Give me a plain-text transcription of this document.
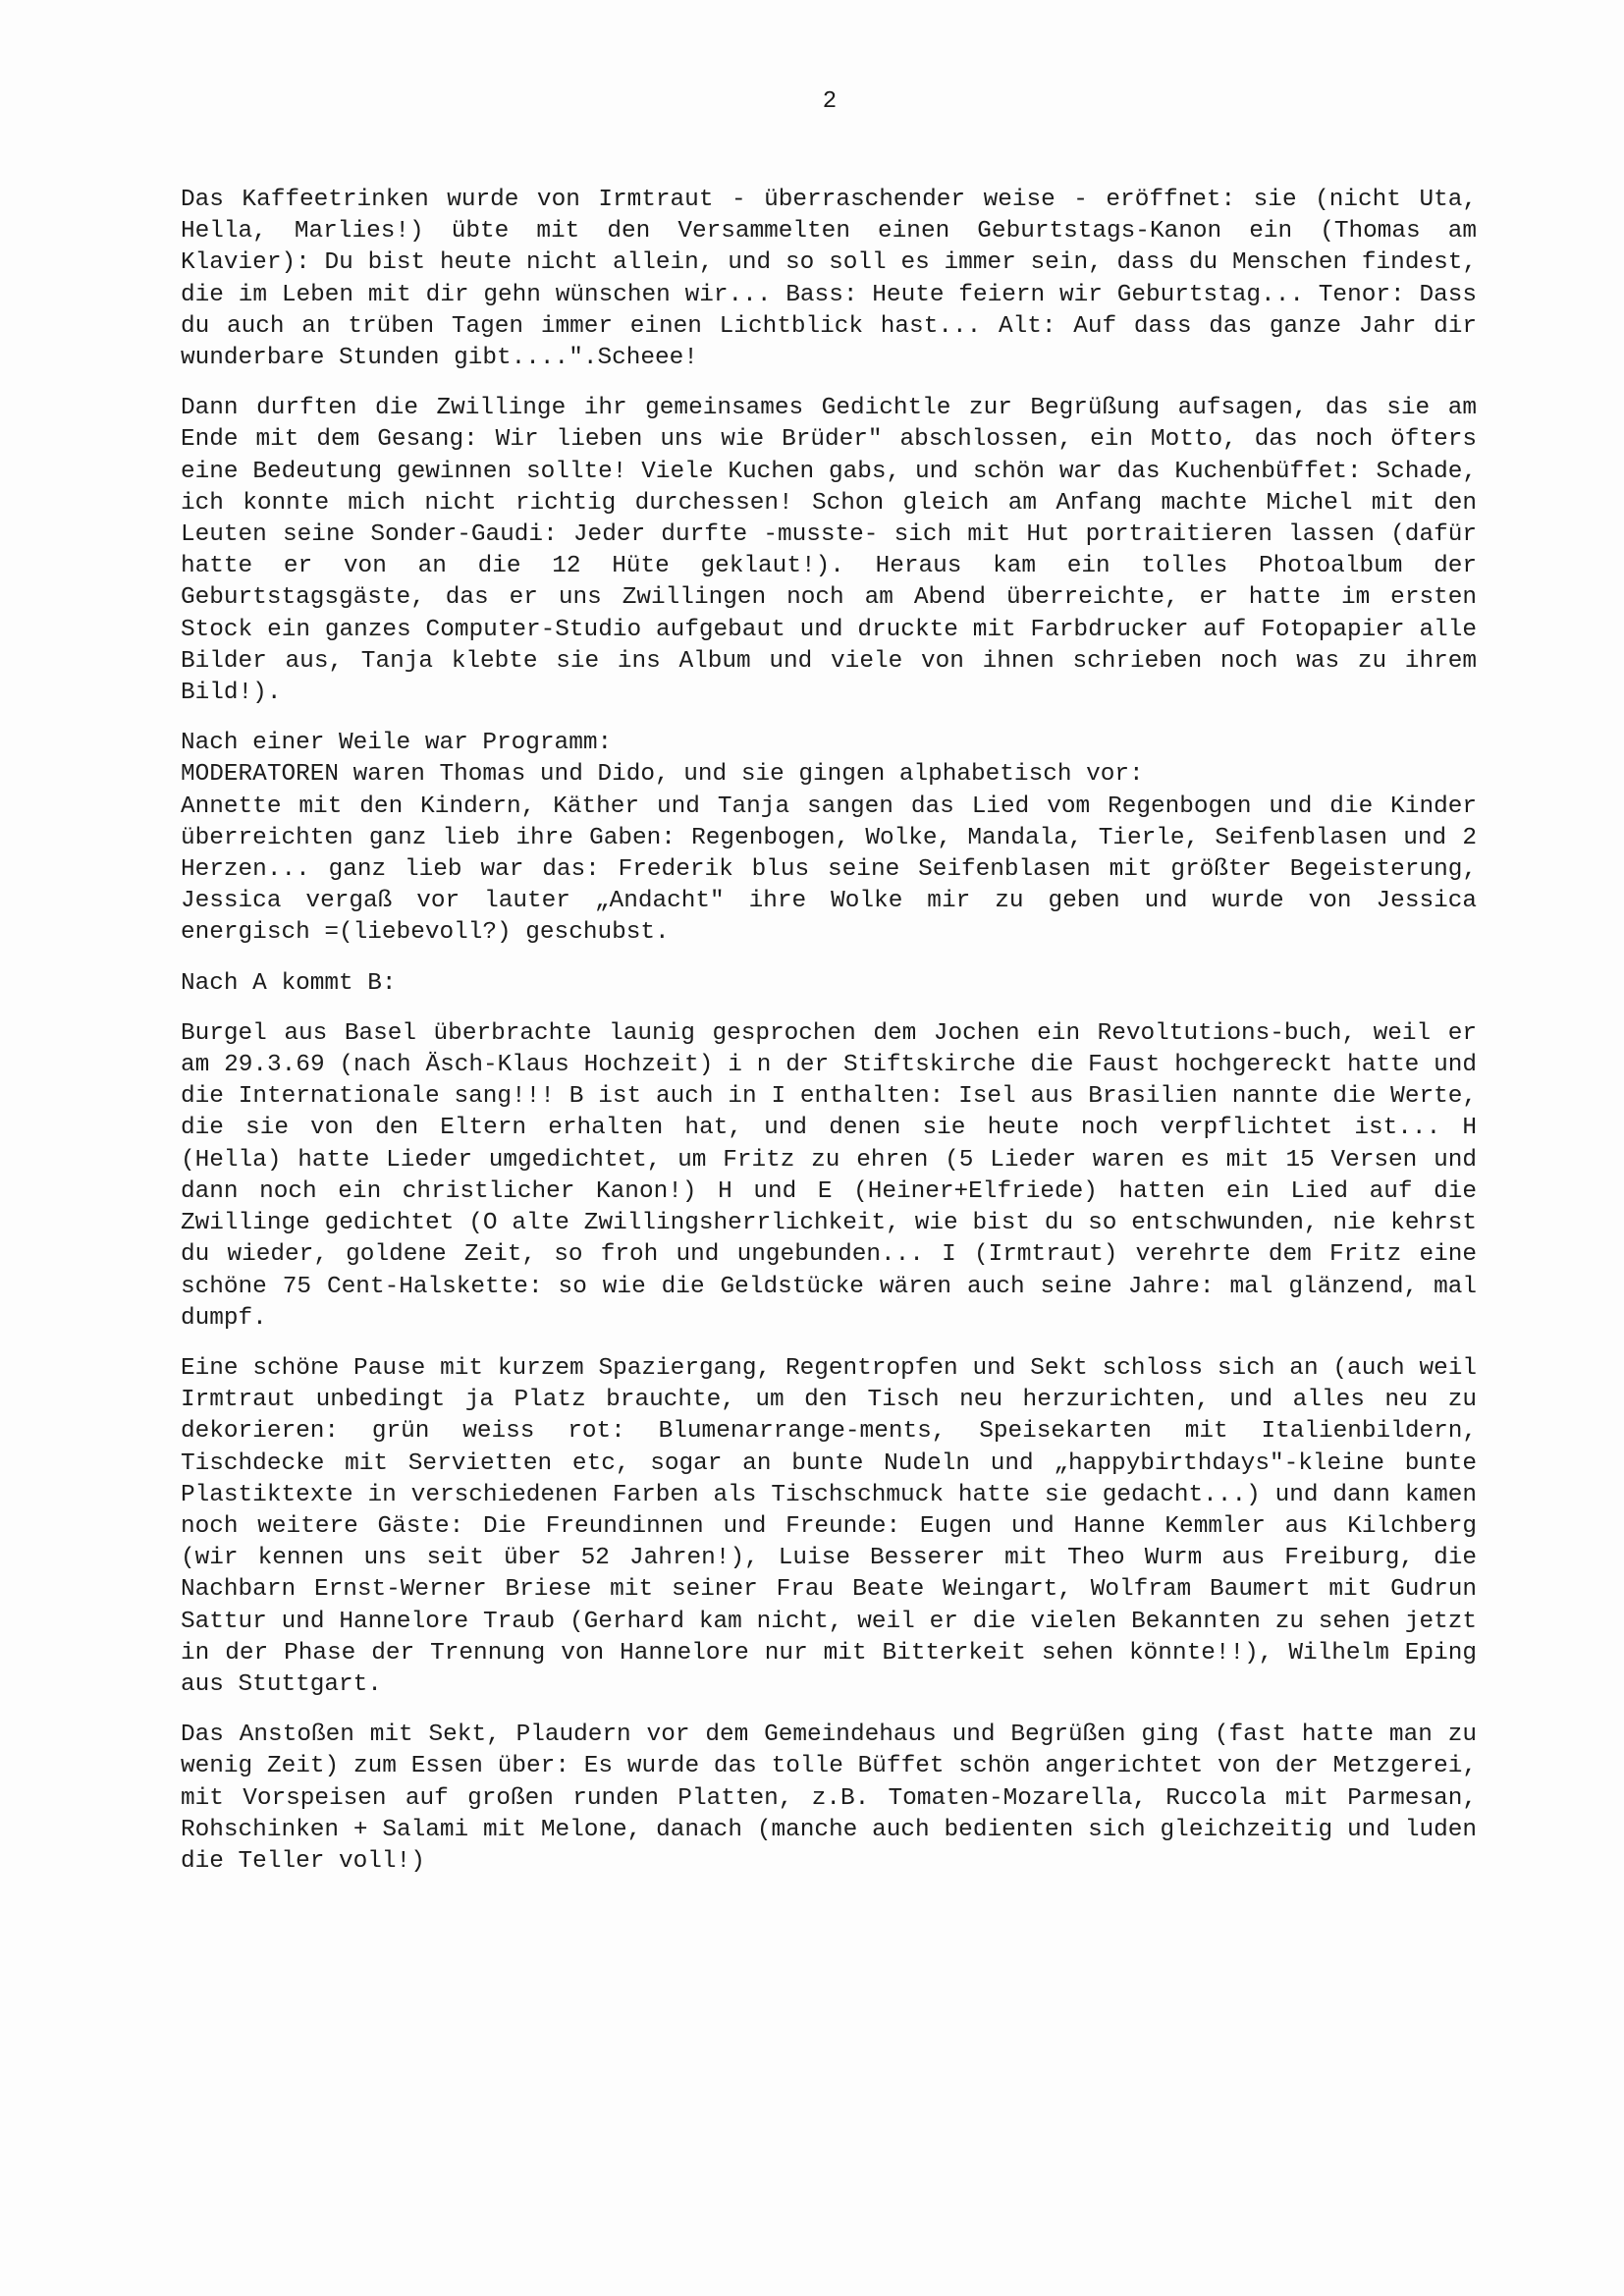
2

Das Kaffeetrinken wurde von Irmtraut - überraschender weise - eröffnet: sie (nicht Uta, Hella, Marlies!) übte mit den Versammelten einen Geburtstags-Kanon ein (Thomas am Klavier): Du bist heute nicht allein, und so soll es immer sein, dass du Menschen findest, die im Leben mit dir gehn wünschen wir... Bass: Heute feiern wir Geburtstag... Tenor: Dass du auch an trüben Tagen immer einen Lichtblick hast... Alt: Auf dass das ganze Jahr dir wunderbare Stunden gibt....".Scheee!

Dann durften die Zwillinge ihr gemeinsames Gedichtle zur Begrüßung aufsagen, das sie am Ende mit dem Gesang: Wir lieben uns wie Brüder" abschlossen, ein Motto, das noch öfters eine Bedeutung gewinnen sollte! Viele Kuchen gabs, und schön war das Kuchenbüffet: Schade, ich konnte mich nicht richtig durchessen! Schon gleich am Anfang machte Michel mit den Leuten seine Sonder-Gaudi: Jeder durfte -musste- sich mit Hut portraitieren lassen (dafür hatte er von an die 12 Hüte geklaut!). Heraus kam ein tolles Photoalbum der Geburtstagsgäste, das er uns Zwillingen noch am Abend überreichte, er hatte im ersten Stock ein ganzes Computer-Studio aufgebaut und druckte mit Farbdrucker auf Fotopapier alle Bilder aus, Tanja klebte sie ins Album und viele von ihnen schrieben noch was zu ihrem Bild!).

Nach einer Weile war Programm:

MODERATOREN waren Thomas und Dido, und sie gingen alphabetisch vor:

Annette mit den Kindern, Käther und Tanja sangen das Lied vom Regenbogen und die Kinder überreichten ganz lieb ihre Gaben: Regenbogen, Wolke, Mandala, Tierle, Seifenblasen und 2 Herzen... ganz lieb war das: Frederik blus seine Seifenblasen mit größter Begeisterung, Jessica vergaß vor lauter „Andacht" ihre Wolke mir zu geben und wurde von Jessica energisch =(liebevoll?) geschubst.

Nach A kommt B:

Burgel aus Basel überbrachte launig gesprochen dem Jochen ein Revoltutions-buch, weil er am 29.3.69 (nach Äsch-Klaus Hochzeit) i n der Stiftskirche die Faust hochgereckt hatte und die Internationale sang!!! B ist auch in I enthalten: Isel aus Brasilien nannte die Werte, die sie von den Eltern erhalten hat, und denen sie heute noch verpflichtet ist... H (Hella) hatte Lieder umgedichtet, um Fritz zu ehren (5 Lieder waren es mit 15 Versen und dann noch ein christlicher Kanon!) H und E (Heiner+Elfriede) hatten ein Lied auf die Zwillinge gedichtet (O alte Zwillingsherrlichkeit, wie bist du so entschwunden, nie kehrst du wieder, goldene Zeit, so froh und ungebunden... I (Irmtraut) verehrte dem Fritz eine schöne 75 Cent-Halskette: so wie die Geldstücke wären auch seine Jahre: mal glänzend, mal dumpf.

Eine schöne Pause mit kurzem Spaziergang, Regentropfen und Sekt schloss sich an (auch weil Irmtraut unbedingt ja Platz brauchte, um den Tisch neu herzurichten, und alles neu zu dekorieren: grün weiss rot: Blumenarrange-ments, Speisekarten mit Italienbildern, Tischdecke mit Servietten etc, sogar an bunte Nudeln und „happybirthdays"-kleine bunte Plastiktexte in verschiedenen Farben als Tischschmuck hatte sie gedacht...) und dann kamen noch weitere Gäste: Die Freundinnen und Freunde: Eugen und Hanne Kemmler aus Kilchberg (wir kennen uns seit über 52 Jahren!), Luise Besserer mit Theo Wurm aus Freiburg, die Nachbarn Ernst-Werner Briese mit seiner Frau Beate Weingart, Wolfram Baumert mit Gudrun Sattur und Hannelore Traub (Gerhard kam nicht, weil er die vielen Bekannten zu sehen jetzt in der Phase der Trennung von Hannelore nur mit Bitterkeit sehen könnte!!), Wilhelm Eping aus Stuttgart.

Das Anstoßen mit Sekt, Plaudern vor dem Gemeindehaus und Begrüßen ging (fast hatte man zu wenig Zeit) zum Essen über: Es wurde das tolle Büffet schön angerichtet von der Metzgerei, mit Vorspeisen auf großen runden Platten, z.B. Tomaten-Mozarella, Ruccola mit Parmesan, Rohschinken + Salami mit Melone, danach (manche auch bedienten sich gleichzeitig und luden die Teller voll!)
